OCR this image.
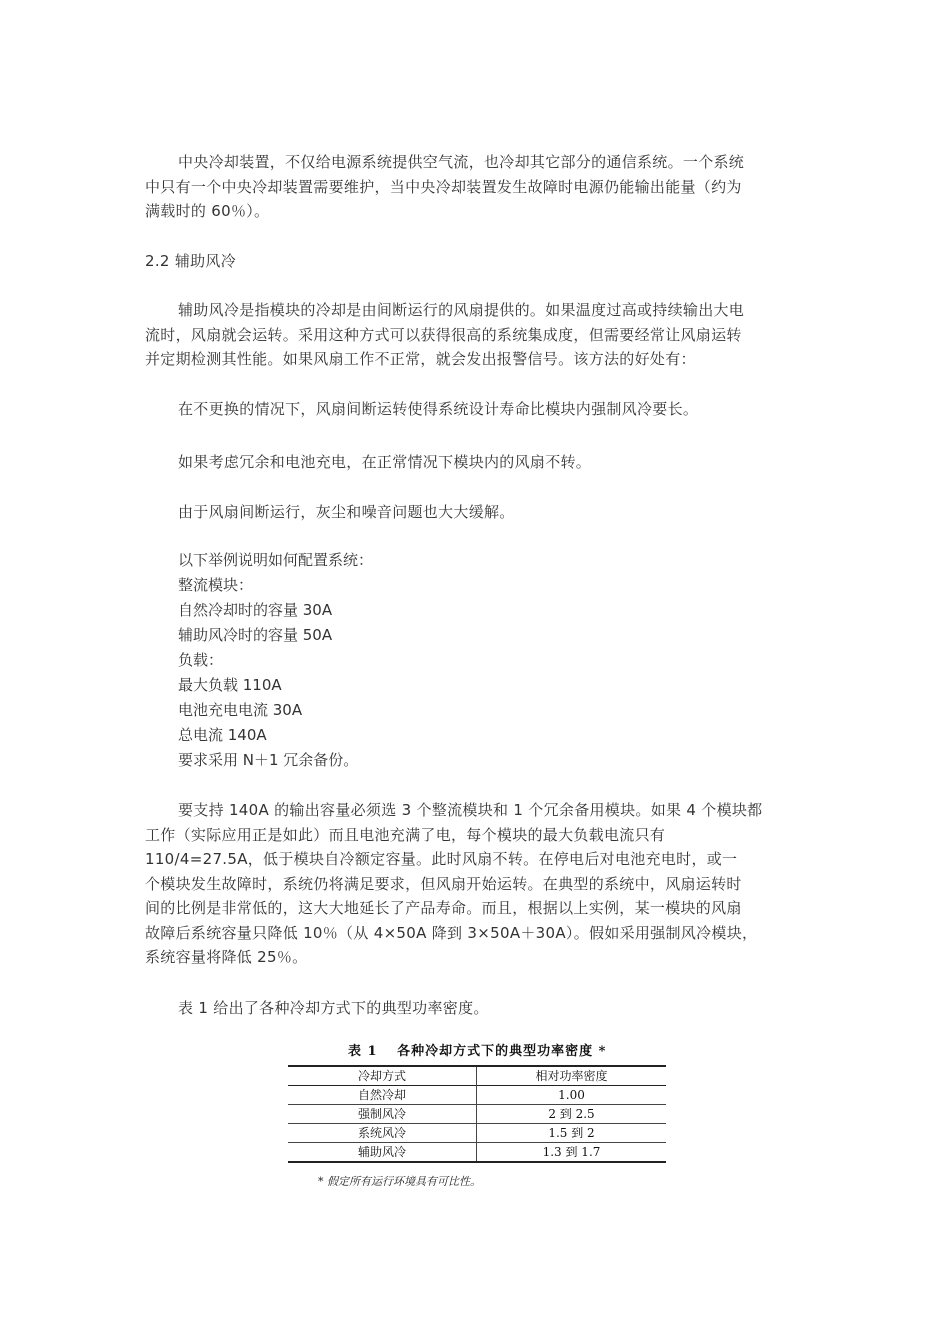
中央冷却装置，不仅给电源系统提供空气流，也冷却其它部分的通信系统。一个系统
中只有一个中央冷却装置需要维护，当中央冷却装置发生故障时电源仍能输出能量（约为
满载时的 60％）。

2.2 辅助风冷

辅助风冷是指模块的冷却是由间断运行的风扇提供的。如果温度过高或持续输出大电
流时，风扇就会运转。采用这种方式可以获得很高的系统集成度，但需要经常让风扇运转
并定期检测其性能。如果风扇工作不正常，就会发出报警信号。该方法的好处有：

在不更换的情况下，风扇间断运转使得系统设计寿命比模块内强制风冷要长。

如果考虑冗余和电池充电，在正常情况下模块内的风扇不转。

由于风扇间断运行，灰尘和噪音问题也大大缓解。

以下举例说明如何配置系统：
整流模块：
自然冷却时的容量 30A
辅助风冷时的容量 50A
负载：
最大负载 110A
电池充电电流 30A
总电流 140A
要求采用 N＋1 冗余备份。

要支持 140A 的输出容量必须选 3 个整流模块和 1 个冗余备用模块。如果 4 个模块都
工作（实际应用正是如此）而且电池充满了电，每个模块的最大负载电流只有
110/4=27.5A，低于模块自冷额定容量。此时风扇不转。在停电后对电池充电时，或一
个模块发生故障时，系统仍将满足要求，但风扇开始运转。在典型的系统中，风扇运转时
间的比例是非常低的，这大大地延长了产品寿命。而且，根据以上实例，某一模块的风扇
故障后系统容量只降低 10％（从 4×50A 降到 3×50A＋30A）。假如采用强制风冷模块，
系统容量将降低 25％。

表 1 给出了各种冷却方式下的典型功率密度。

表 1　 各种冷却方式下的典型功率密度 *
冷却方式	相对功率密度
自然冷却	1.00
强制风冷	2 到 2.5
系统风冷	1.5 到 2
辅助风冷	1.3 到 1.7
* 假定所有运行环境具有可比性。
